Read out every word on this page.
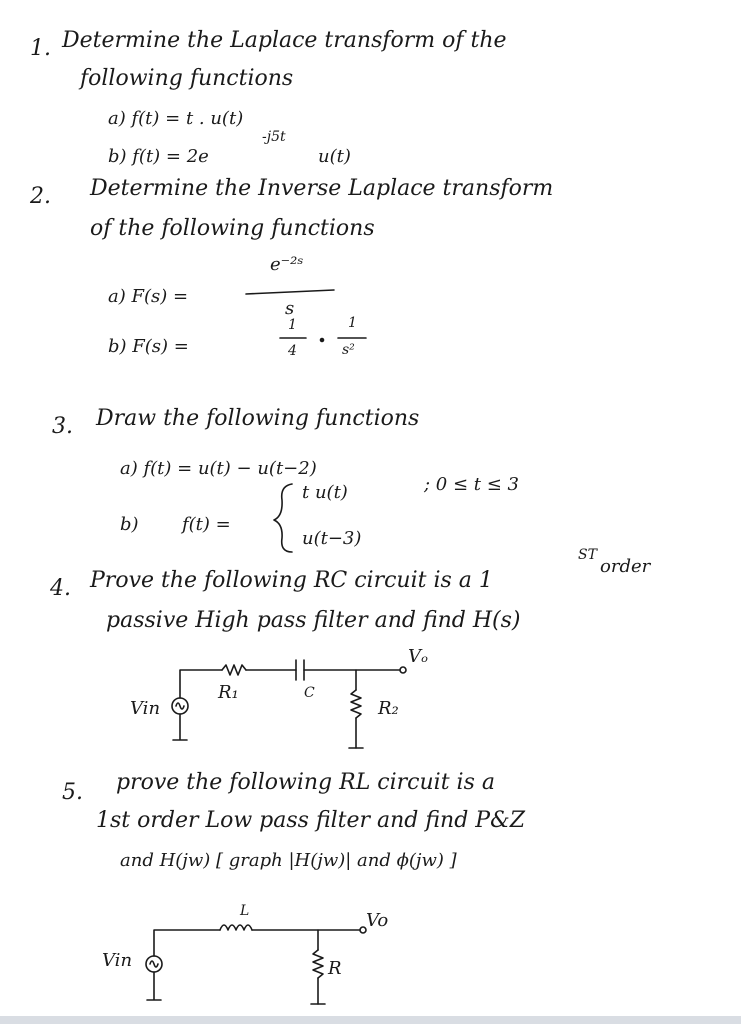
1. Determine the Laplace transform of the
following functions
a) f(t) = t . u(t)
b) f(t) = 2e
-j5t
u(t)
2. Determine the Inverse Laplace transform
of the following functions
a) F(s) =
e⁻²ˢ
s
b) F(s) =
1
4
1
s²
3. Draw the following functions
a) f(t) = u(t) − u(t−2)
b) f(t) =
t u(t)	; 0 ≤ t ≤ 3
u(t−3)
4. Prove the following RC circuit is a 1
ST
order
passive High pass filter and find H(s)
Vin
R₁	C
R₂
Vₒ
5. prove the following RL circuit is a
1st order Low pass filter and find P&Z
and H(jw) [ graph |H(jw)| and ϕ(jw) ]
Vin
L
R
Vo
